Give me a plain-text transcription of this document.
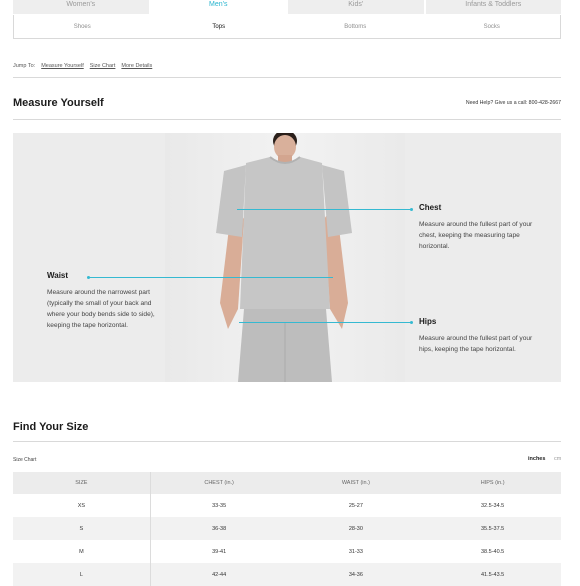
Women's	Men's	Kids'	Infants & Toddlers
Shoes	Tops	Bottoms	Socks
Jump To: Measure Yourself Size Chart More Details
Measure Yourself	Need Help? Give us a call: 800-428-2667
Chest
Measure around the fullest part of your chest, keeping the measuring tape horizontal.
Waist
Measure around the narrowest part (typically the small of your back and where your body bends side to side), keeping the tape horizontal.	Hips
Measure around the fullest part of your hips, keeping the tape horizontal.
Find Your Size
Size Chart	inches cm
SIZE	CHEST (in.)	WAIST (in.)	HIPS (in.)
XS	33-35	25-27	32.5-34.5
S	36-38	28-30	35.5-37.5
M	39-41	31-33	38.5-40.5
L	42-44	34-36	41.5-43.5
